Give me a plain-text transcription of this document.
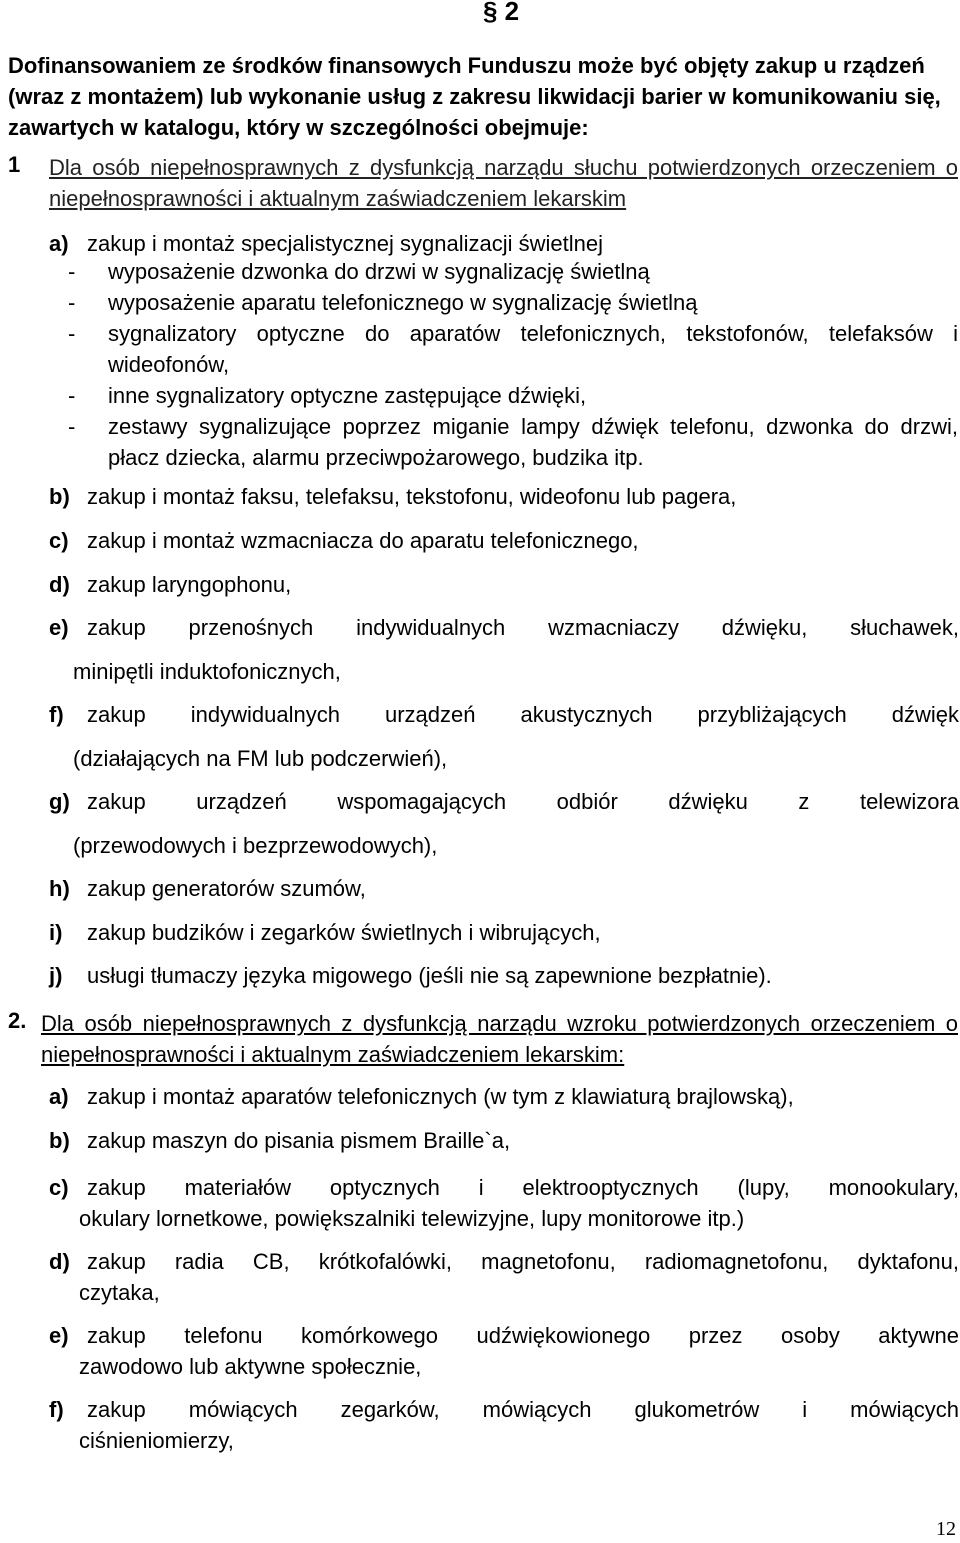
§ 2
Dofinansowaniem ze środków finansowych Funduszu może być objęty zakup u rządzeń (wraz z montażem) lub wykonanie usług z zakresu likwidacji barier w komunikowaniu się, zawartych w katalogu, który w szczególności obejmuje:
1 Dla osób niepełnosprawnych z dysfunkcją narządu słuchu potwierdzonych orzeczeniem o niepełnosprawności i aktualnym zaświadczeniem lekarskim
a) zakup i montaż specjalistycznej sygnalizacji świetlnej
- wyposażenie dzwonka do drzwi w sygnalizację świetlną
- wyposażenie aparatu telefonicznego w sygnalizację świetlną
- sygnalizatory optyczne do aparatów telefonicznych, tekstofonów, telefaksów i wideofonów,
- inne sygnalizatory optyczne zastępujące dźwięki,
- zestawy sygnalizujące poprzez miganie lampy dźwięk telefonu, dzwonka do drzwi, płacz dziecka, alarmu przeciwpożarowego, budzika itp.
b) zakup i montaż faksu, telefaksu, tekstofonu, wideofonu lub pagera,
c) zakup i montaż wzmacniacza do aparatu telefonicznego,
d) zakup laryngophonu,
e) zakup przenośnych indywidualnych wzmacniaczy dźwięku, słuchawek,
minipętli induktofonicznych,
f) zakup indywidualnych urządzeń akustycznych przybliżających dźwięk
(działających na FM lub podczerwień),
g) zakup urządzeń wspomagających odbiór dźwięku z telewizora
(przewodowych i bezprzewodowych),
h) zakup generatorów szumów,
i) zakup budzików i zegarków świetlnych i wibrujących,
j) usługi tłumaczy języka migowego (jeśli nie są zapewnione bezpłatnie).
2. Dla osób niepełnosprawnych z dysfunkcją narządu wzroku potwierdzonych orzeczeniem o niepełnosprawności i aktualnym zaświadczeniem lekarskim:
a) zakup i montaż aparatów telefonicznych (w tym z klawiaturą brajlowską),
b) zakup maszyn do pisania pismem Braille`a,
c) zakup materiałów optycznych i elektrooptycznych (lupy, monookulary,
okulary lornetkowe, powiększalniki telewizyjne, lupy monitorowe itp.)
d) zakup radia CB, krótkofalówki, magnetofonu, radiomagnetofonu, dyktafonu,
czytaka,
e) zakup telefonu komórkowego udźwiękowionego przez osoby aktywne
zawodowo lub aktywne społecznie,
f) zakup mówiących zegarków, mówiących glukometrów i mówiących
ciśnieniomierzy,
12
